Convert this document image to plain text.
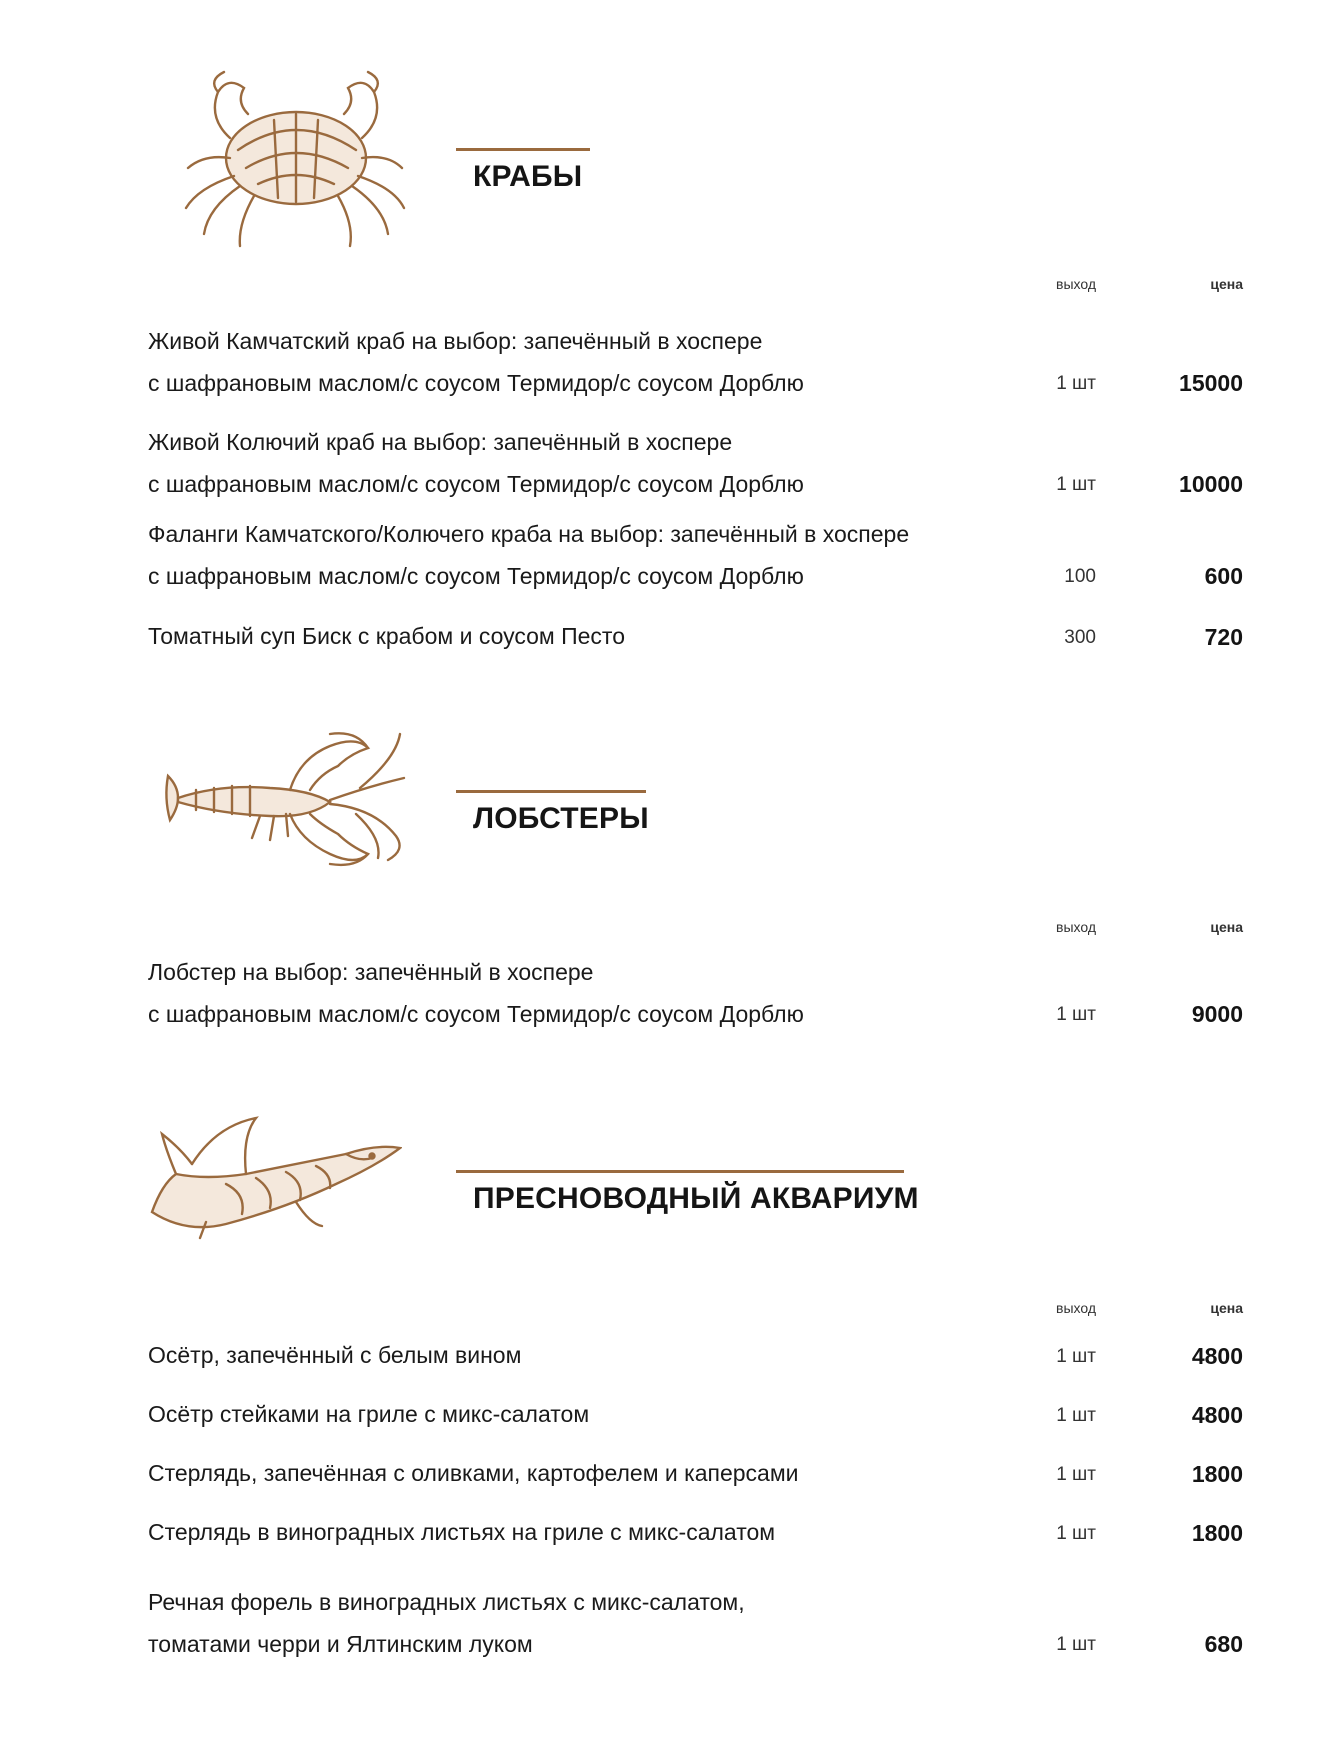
КРАБЫ
выход	цена
Живой Камчатский краб на выбор: запечённый в хоспере
с шафрановым маслом/с соусом Термидор/с соусом Дорблю	1 шт	15000
Живой Колючий краб на выбор: запечённый в хоспере
с шафрановым маслом/с соусом Термидор/с соусом Дорблю	1 шт	10000
Фаланги Камчатского/Колючего краба на выбор: запечённый в хоспере
с шафрановым маслом/с соусом Термидор/с соусом Дорблю	100	600
Томатный суп Биск с крабом и соусом Песто	300	720
ЛОБСТЕРЫ
выход	цена
Лобстер на выбор: запечённый в хоспере
с шафрановым маслом/с соусом Термидор/с соусом Дорблю	1 шт	9000
ПРЕСНОВОДНЫЙ АКВАРИУМ
выход	цена
Осётр, запечённый с белым вином	1 шт	4800
Осётр стейками на гриле с микс-салатом	1 шт	4800
Стерлядь, запечённая с оливками, картофелем и каперсами	1 шт	1800
Стерлядь в виноградных листьях на гриле с микс-салатом	1 шт	1800
Речная форель в виноградных листьях с микс-салатом,
томатами черри и Ялтинским луком	1 шт	680
